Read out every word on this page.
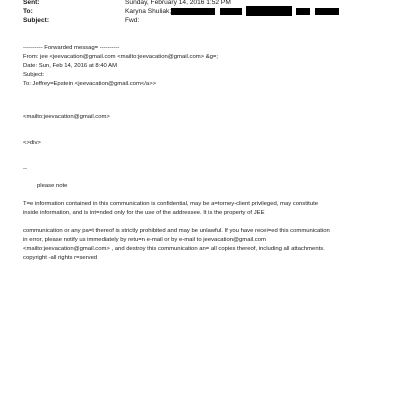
Sent:	Sunday, February 14, 2016 1:52 PM
To:	Karyna Shuliak;
Subject:	Fwd:
---------- Forwarded messag= ----------
From: jee <jeevacation@gmail.com <mailto:jeevacation@gmail.com> &g=;
Date: Sun, Feb 14, 2016 at 8:40 AM
Subject:
To: Jeffrey=Epstein <jeevacation@gmail.com</a>>
<mailto:jeevacation@gmail.com>
<>div>
--
please note
T=e information contained in this communication is confidential, may be a=torney-client privileged, may constitute
inside information, and is int=nded only for the use of the addressee. It is the property of JEE
communication or any pa=t thereof is strictly prohibited and may be unlawful. If you have recei=ed this communication
in error, please notify us immediately by retu=n e-mail or by e-mail to jeevacation@gmail.com
<mailto:jeevacation@gmail.com> , and destroy this communication an= all copies thereof, including all attachments.
copyright -all rights r=served
